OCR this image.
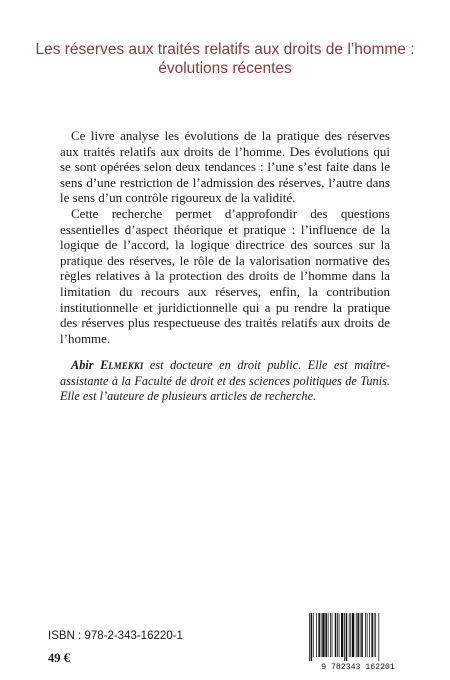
Les réserves aux traités relatifs aux droits de l’homme :
évolutions récentes

Ce livre analyse les évolutions de la pratique des réserves aux traités relatifs aux droits de l’homme. Des évolutions qui se sont opérées selon deux tendances : l’une s’est faite dans le sens d’une restriction de l’admission des réserves, l’autre dans le sens d’un contrôle rigoureux de la validité.

Cette recherche permet d’approfondir des questions essentielles d’aspect théorique et pratique : l’influence de la logique de l’accord, la logique directrice des sources sur la pratique des réserves, le rôle de la valorisation normative des règles relatives à la protection des droits de l’homme dans la limitation du recours aux réserves, enfin, la contribution institutionnelle et juridictionnelle qui a pu rendre la pratique des réserves plus respectueuse des traités relatifs aux droits de l’homme.

Abir Elmekki est docteure en droit public. Elle est maître-assistante à la Faculté de droit et des sciences politiques de Tunis. Elle est l’auteure de plusieurs articles de recherche.
ISBN : 978-2-343-16220-1
49 €
9 782343 162201
